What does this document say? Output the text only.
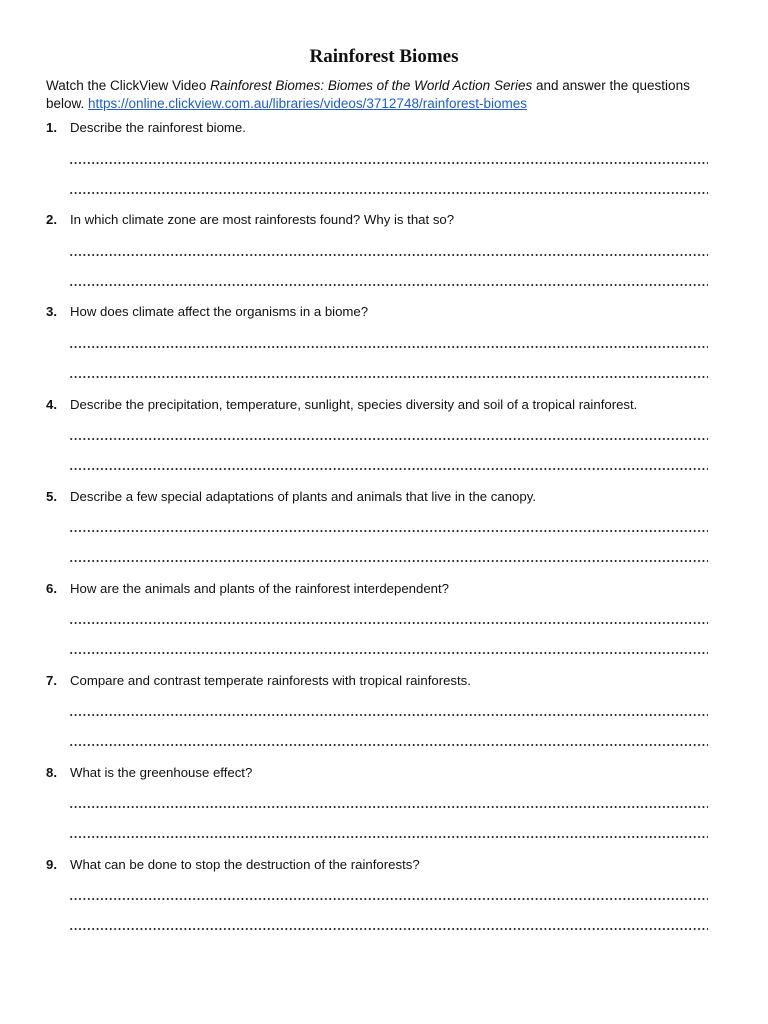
Rainforest Biomes
Watch the ClickView Video Rainforest Biomes: Biomes of the World Action Series and answer the questions below. https://online.clickview.com.au/libraries/videos/3712748/rainforest-biomes
1. Describe the rainforest biome.
2. In which climate zone are most rainforests found? Why is that so?
3. How does climate affect the organisms in a biome?
4. Describe the precipitation, temperature, sunlight, species diversity and soil of a tropical rainforest.
5. Describe a few special adaptations of plants and animals that live in the canopy.
6. How are the animals and plants of the rainforest interdependent?
7. Compare and contrast temperate rainforests with tropical rainforests.
8. What is the greenhouse effect?
9. What can be done to stop the destruction of the rainforests?
